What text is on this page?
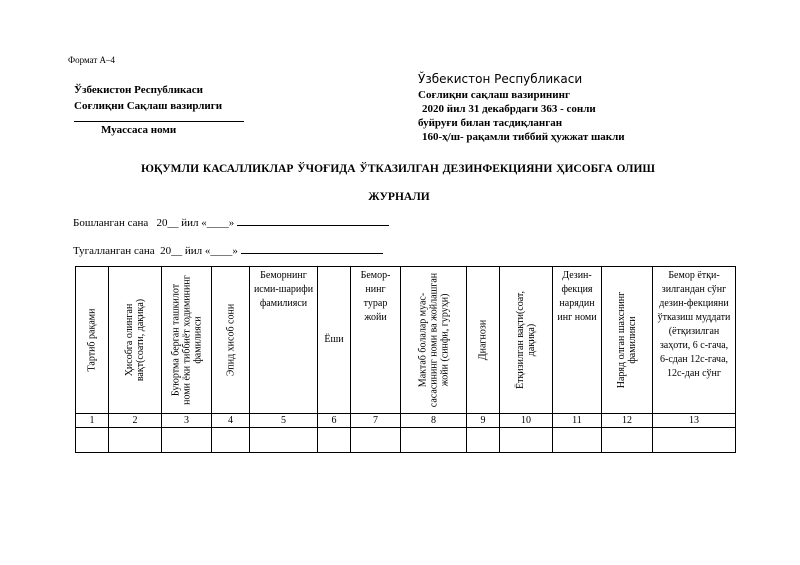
Формат А–4
Ўзбекистон Республикаси
Соғлиқни Сақлаш вазирлиги
Муассаса номи
Ўзбекистон Республикаси
Соғлиқни сақлаш вазирининг
2020 йил 31 декабрдаги 363 - сонли
буйруғи билан тасдиқланган
160-ҳ/ш- рақамли тиббий ҳужжат шакли
ЮҚУМЛИ КАСАЛЛИКЛАР ЎЧОҒИДА ЎТКАЗИЛГАН ДЕЗИНФЕКЦИЯНИ ҲИСОБГА ОЛИШ
ЖУРНАЛИ
Бошланган сана 20__ йил «____»
Тугалланган сана 20__ йил «____»
Тартиб рақами	Ҳисобга олинган вақт(соати, дақиқа)	Буюртма берган ташкилот номи ёки тиббиёт ходимининг фамилияси	Эпид хисоб сони	Беморнинг исми-шарифи фамилияси	Ёши	Бемор-нинг турар жойи	Мактаб болалар муас-сасасининг номи ва жойлашган жойи (синфи, гуруҳи)	Диагнози	Ётқизилган вақти(соат, дақиқа)	Дезин-фекция нарядин инг номи	Наряд олган шахснинг фамилияси	Бемор ётқи-зилгандан сўнг дезин-фекцияни ўтказиш муддати (ётқизилган заҳоти, 6 с-гача, 6-сдан 12с-гача, 12с-дан сўнг

1	2	3	4	5	6	7	8	9	10	11	12	13
